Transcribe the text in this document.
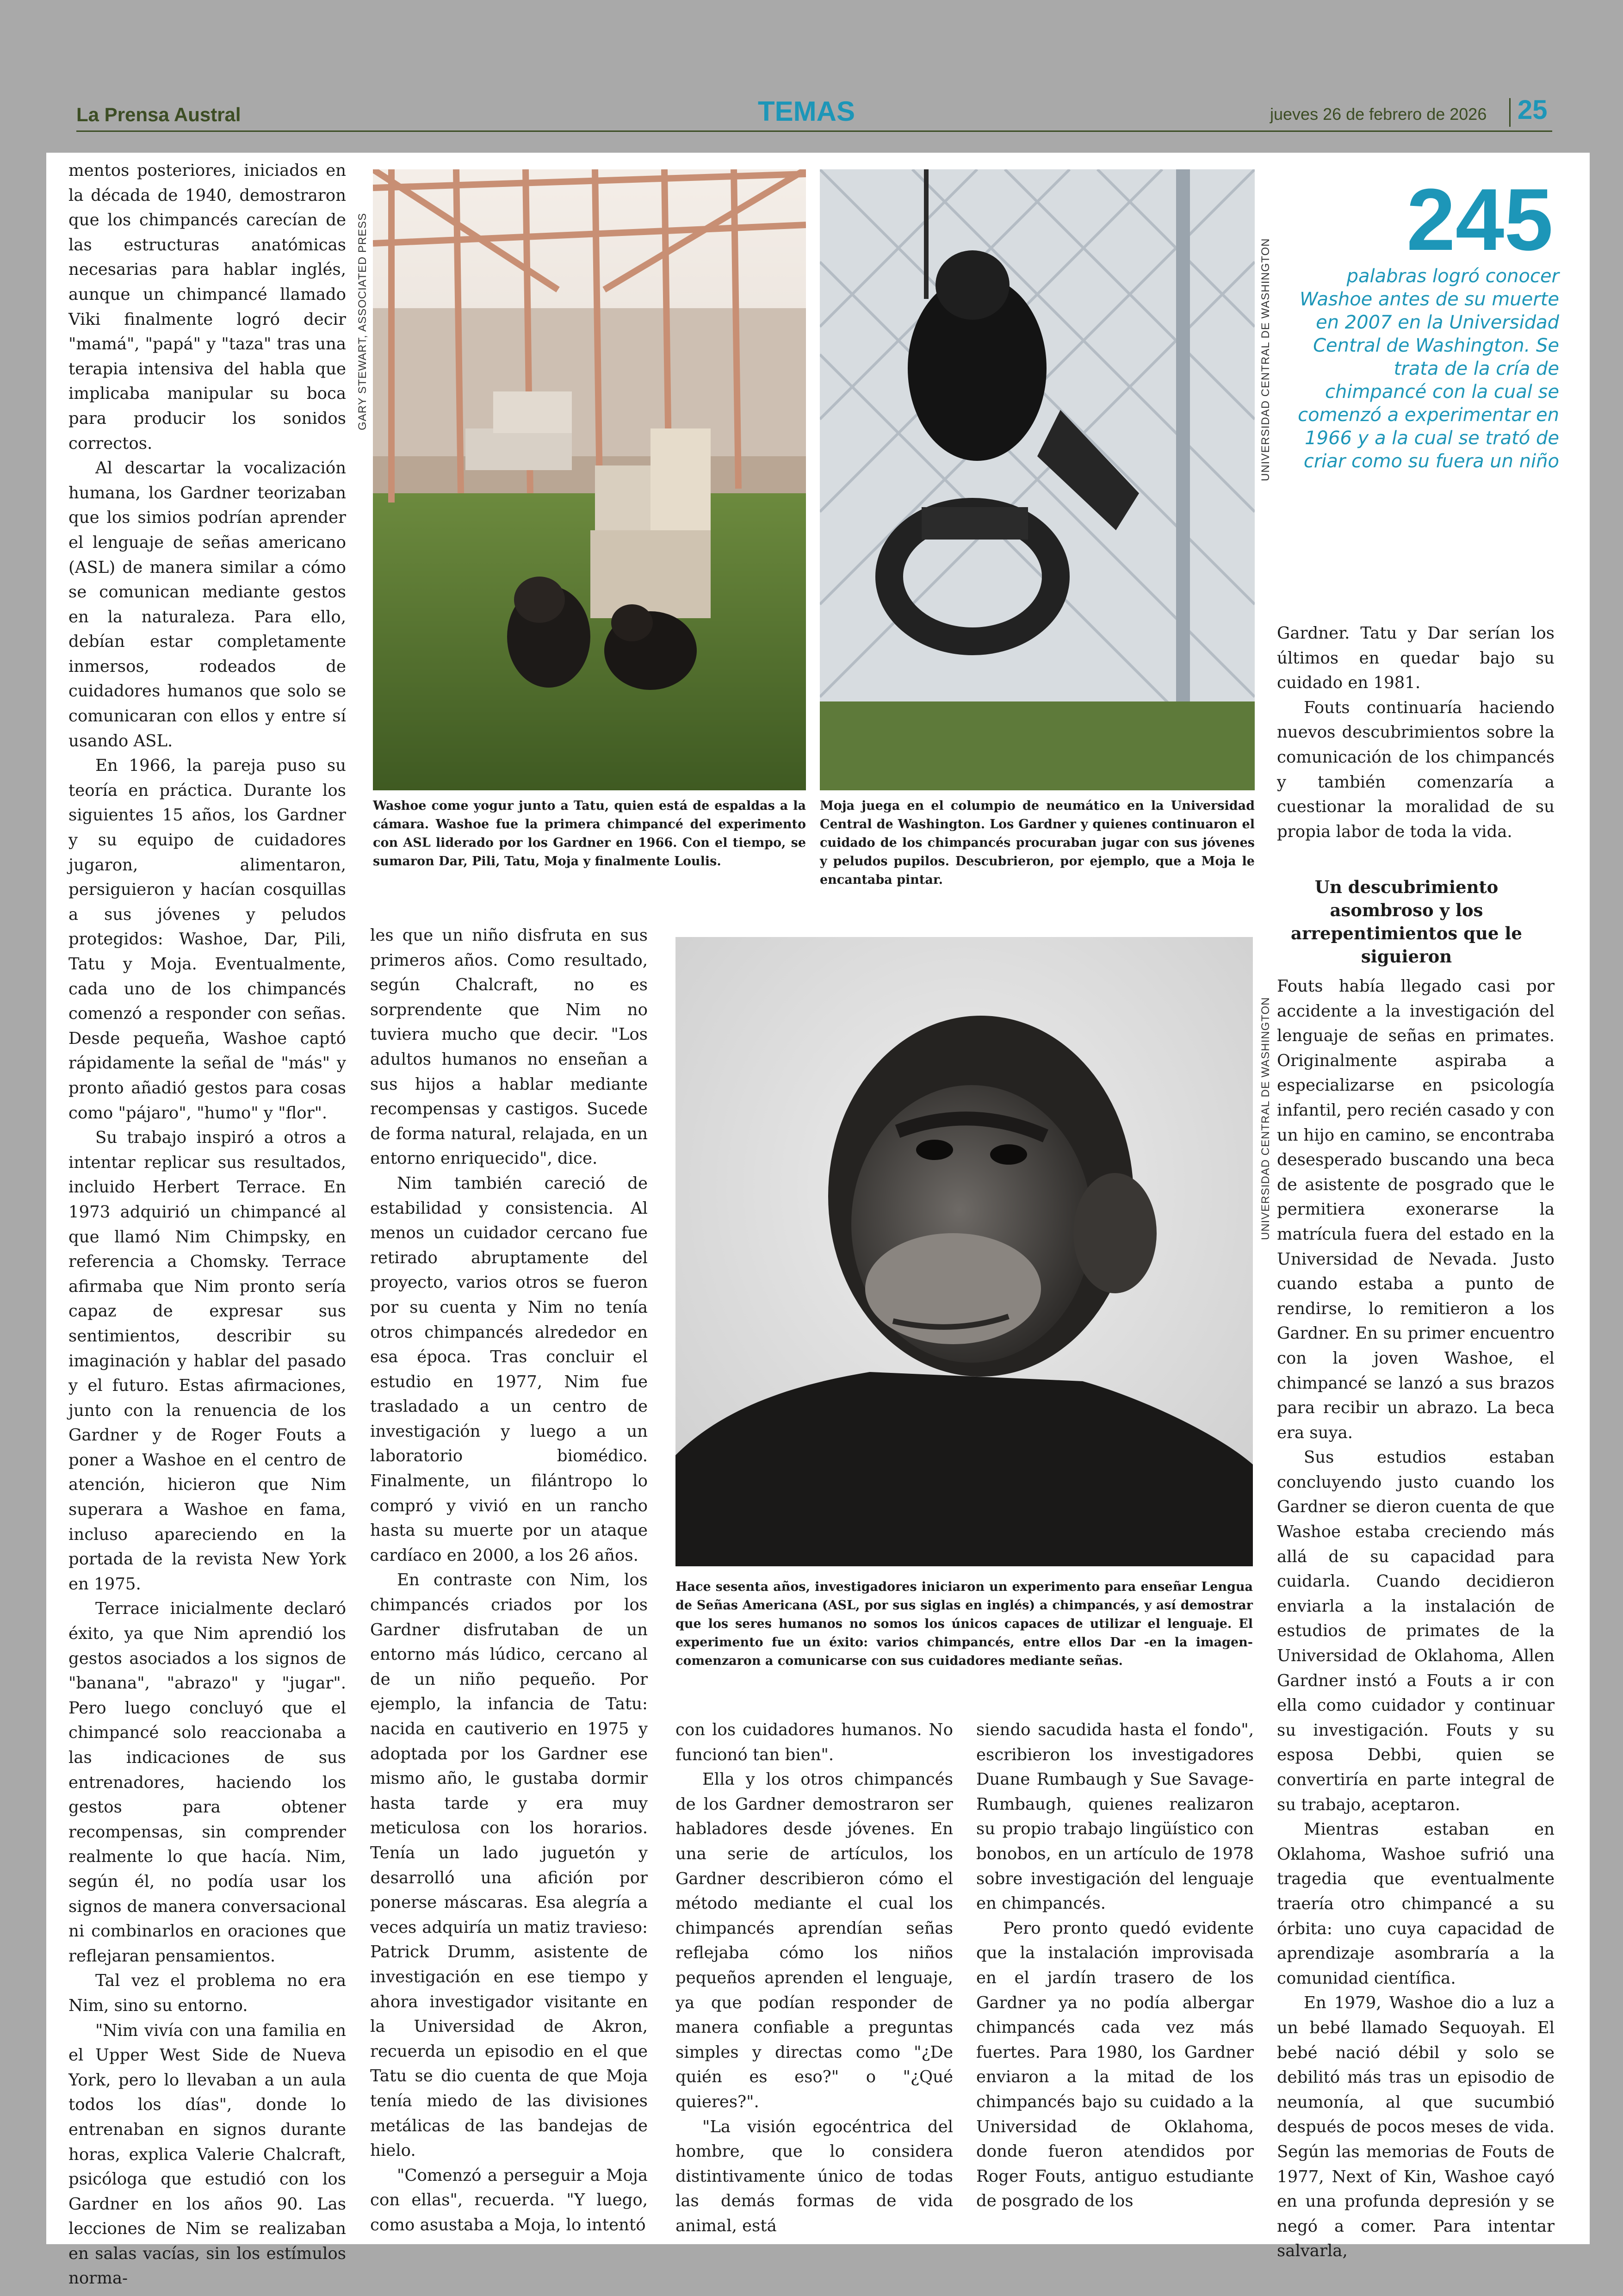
La Prensa Austral	TEMAS	jueves 26 de febrero de 2026 25

mentos posteriores, iniciados en la década de 1940, demostraron que los chimpancés carecían de las estructuras anatómicas necesarias para hablar inglés, aunque un chimpancé llamado Viki finalmente logró decir "mamá", "papá" y "taza" tras una terapia intensiva del habla que implicaba manipular su boca para producir los sonidos correctos.

Al descartar la vocalización humana, los Gardner teorizaban que los simios podrían aprender el lenguaje de señas americano (ASL) de manera similar a cómo se comunican mediante gestos en la naturaleza. Para ello, debían estar completamente inmersos, rodeados de cuidadores humanos que solo se comunicaran con ellos y entre sí usando ASL.

En 1966, la pareja puso su teoría en práctica. Durante los siguientes 15 años, los Gardner y su equipo de cuidadores jugaron, alimentaron, persiguieron y hacían cosquillas a sus jóvenes y peludos protegidos: Washoe, Dar, Pili, Tatu y Moja. Eventualmente, cada uno de los chimpancés comenzó a responder con señas. Desde pequeña, Washoe captó rápidamente la señal de "más" y pronto añadió gestos para cosas como "pájaro", "humo" y "flor".

Su trabajo inspiró a otros a intentar replicar sus resultados, incluido Herbert Terrace. En 1973 adquirió un chimpancé al que llamó Nim Chimpsky, en referencia a Chomsky. Terrace afirmaba que Nim pronto sería capaz de expresar sus sentimientos, describir su imaginación y hablar del pasado y el futuro. Estas afirmaciones, junto con la renuencia de los Gardner y de Roger Fouts a poner a Washoe en el centro de atención, hicieron que Nim superara a Washoe en fama, incluso apareciendo en la portada de la revista New York en 1975.

Terrace inicialmente declaró éxito, ya que Nim aprendió los gestos asociados a los signos de "banana", "abrazo" y "jugar". Pero luego concluyó que el chimpancé solo reaccionaba a las indicaciones de sus entrenadores, haciendo los gestos para obtener recompensas, sin comprender realmente lo que hacía. Nim, según él, no podía usar los signos de manera conversacional ni combinarlos en oraciones que reflejaran pensamientos.

Tal vez el problema no era Nim, sino su entorno.

"Nim vivía con una familia en el Upper West Side de Nueva York, pero lo llevaban a un aula todos los días", donde lo entrenaban en signos durante horas, explica Valerie Chalcraft, psicóloga que estudió con los Gardner en los años 90. Las lecciones de Nim se realizaban en salas vacías, sin los estímulos norma-

GARY STEWART, ASSOCIATED PRESS
Washoe come yogur junto a Tatu, quien está de espaldas a la cámara. Washoe fue la primera chimpancé del experimento con ASL liderado por los Gardner en 1966. Con el tiempo, se sumaron Dar, Pili, Tatu, Moja y finalmente Loulis.
UNIVERSIDAD CENTRAL DE WASHINGTON
Moja juega en el columpio de neumático en la Universidad Central de Washington. Los Gardner y quienes continuaron el cuidado de los chimpancés procuraban jugar con sus jóvenes y peludos pupilos. Descubrieron, por ejemplo, que a Moja le encantaba pintar.
245
palabras logró conocer Washoe antes de su muerte en 2007 en la Universidad Central de Washington. Se trata de la cría de chimpancé con la cual se comenzó a experimentar en 1966 y a la cual se trató de criar como su fuera un niño

les que un niño disfruta en sus primeros años. Como resultado, según Chalcraft, no es sorprendente que Nim no tuviera mucho que decir. "Los adultos humanos no enseñan a sus hijos a hablar mediante recompensas y castigos. Sucede de forma natural, relajada, en un entorno enriquecido", dice.

Nim también careció de estabilidad y consistencia. Al menos un cuidador cercano fue retirado abruptamente del proyecto, varios otros se fueron por su cuenta y Nim no tenía otros chimpancés alrededor en esa época. Tras concluir el estudio en 1977, Nim fue trasladado a un centro de investigación y luego a un laboratorio biomédico. Finalmente, un filántropo lo compró y vivió en un rancho hasta su muerte por un ataque cardíaco en 2000, a los 26 años.

En contraste con Nim, los chimpancés criados por los Gardner disfrutaban de un entorno más lúdico, cercano al de un niño pequeño. Por ejemplo, la infancia de Tatu: nacida en cautiverio en 1975 y adoptada por los Gardner ese mismo año, le gustaba dormir hasta tarde y era muy meticulosa con los horarios. Tenía un lado juguetón y desarrolló una afición por ponerse máscaras. Esa alegría a veces adquiría un matiz travieso: Patrick Drumm, asistente de investigación en ese tiempo y ahora investigador visitante en la Universidad de Akron, recuerda un episodio en el que Tatu se dio cuenta de que Moja tenía miedo de las divisiones metálicas de las bandejas de hielo.

"Comenzó a perseguir a Moja con ellas", recuerda. "Y luego, como asustaba a Moja, lo intentó

UNIVERSIDAD CENTRAL DE WASHINGTON
Hace sesenta años, investigadores iniciaron un experimento para enseñar Lengua de Señas Americana (ASL, por sus siglas en inglés) a chimpancés, y así demostrar que los seres humanos no somos los únicos capaces de utilizar el lenguaje. El experimento fue un éxito: varios chimpancés, entre ellos Dar -en la imagen- comenzaron a comunicarse con sus cuidadores mediante señas.

con los cuidadores humanos. No funcionó tan bien".

Ella y los otros chimpancés de los Gardner demostraron ser habladores desde jóvenes. En una serie de artículos, los Gardner describieron cómo el método mediante el cual los chimpancés aprendían señas reflejaba cómo los niños pequeños aprenden el lenguaje, ya que podían responder de manera confiable a preguntas simples y directas como "¿De quién es eso?" o "¿Qué quieres?".

"La visión egocéntrica del hombre, que lo considera distintivamente único de todas las demás formas de vida animal, está

siendo sacudida hasta el fondo", escribieron los investigadores Duane Rumbaugh y Sue Savage-Rumbaugh, quienes realizaron su propio trabajo lingüístico con bonobos, en un artículo de 1978 sobre investigación del lenguaje en chimpancés.

Pero pronto quedó evidente que la instalación improvisada en el jardín trasero de los Gardner ya no podía albergar chimpancés cada vez más fuertes. Para 1980, los Gardner enviaron a la mitad de los chimpancés bajo su cuidado a la Universidad de Oklahoma, donde fueron atendidos por Roger Fouts, antiguo estudiante de posgrado de los

Gardner. Tatu y Dar serían los últimos en quedar bajo su cuidado en 1981.

Fouts continuaría haciendo nuevos descubrimientos sobre la comunicación de los chimpancés y también comenzaría a cuestionar la moralidad de su propia labor de toda la vida.

Un descubrimiento asombroso y los arrepentimientos que le siguieron

Fouts había llegado casi por accidente a la investigación del lenguaje de señas en primates. Originalmente aspiraba a especializarse en psicología infantil, pero recién casado y con un hijo en camino, se encontraba desesperado buscando una beca de asistente de posgrado que le permitiera exonerarse la matrícula fuera del estado en la Universidad de Nevada. Justo cuando estaba a punto de rendirse, lo remitieron a los Gardner. En su primer encuentro con la joven Washoe, el chimpancé se lanzó a sus brazos para recibir un abrazo. La beca era suya.

Sus estudios estaban concluyendo justo cuando los Gardner se dieron cuenta de que Washoe estaba creciendo más allá de su capacidad para cuidarla. Cuando decidieron enviarla a la instalación de estudios de primates de la Universidad de Oklahoma, Allen Gardner instó a Fouts a ir con ella como cuidador y continuar su investigación. Fouts y su esposa Debbi, quien se convertiría en parte integral de su trabajo, aceptaron.

Mientras estaban en Oklahoma, Washoe sufrió una tragedia que eventualmente traería otro chimpancé a su órbita: uno cuya capacidad de aprendizaje asombraría a la comunidad científica.

En 1979, Washoe dio a luz a un bebé llamado Sequoyah. El bebé nació débil y solo se debilitó más tras un episodio de neumonía, al que sucumbió después de pocos meses de vida. Según las memorias de Fouts de 1977, Next of Kin, Washoe cayó en una profunda depresión y se negó a comer. Para intentar salvarla,
